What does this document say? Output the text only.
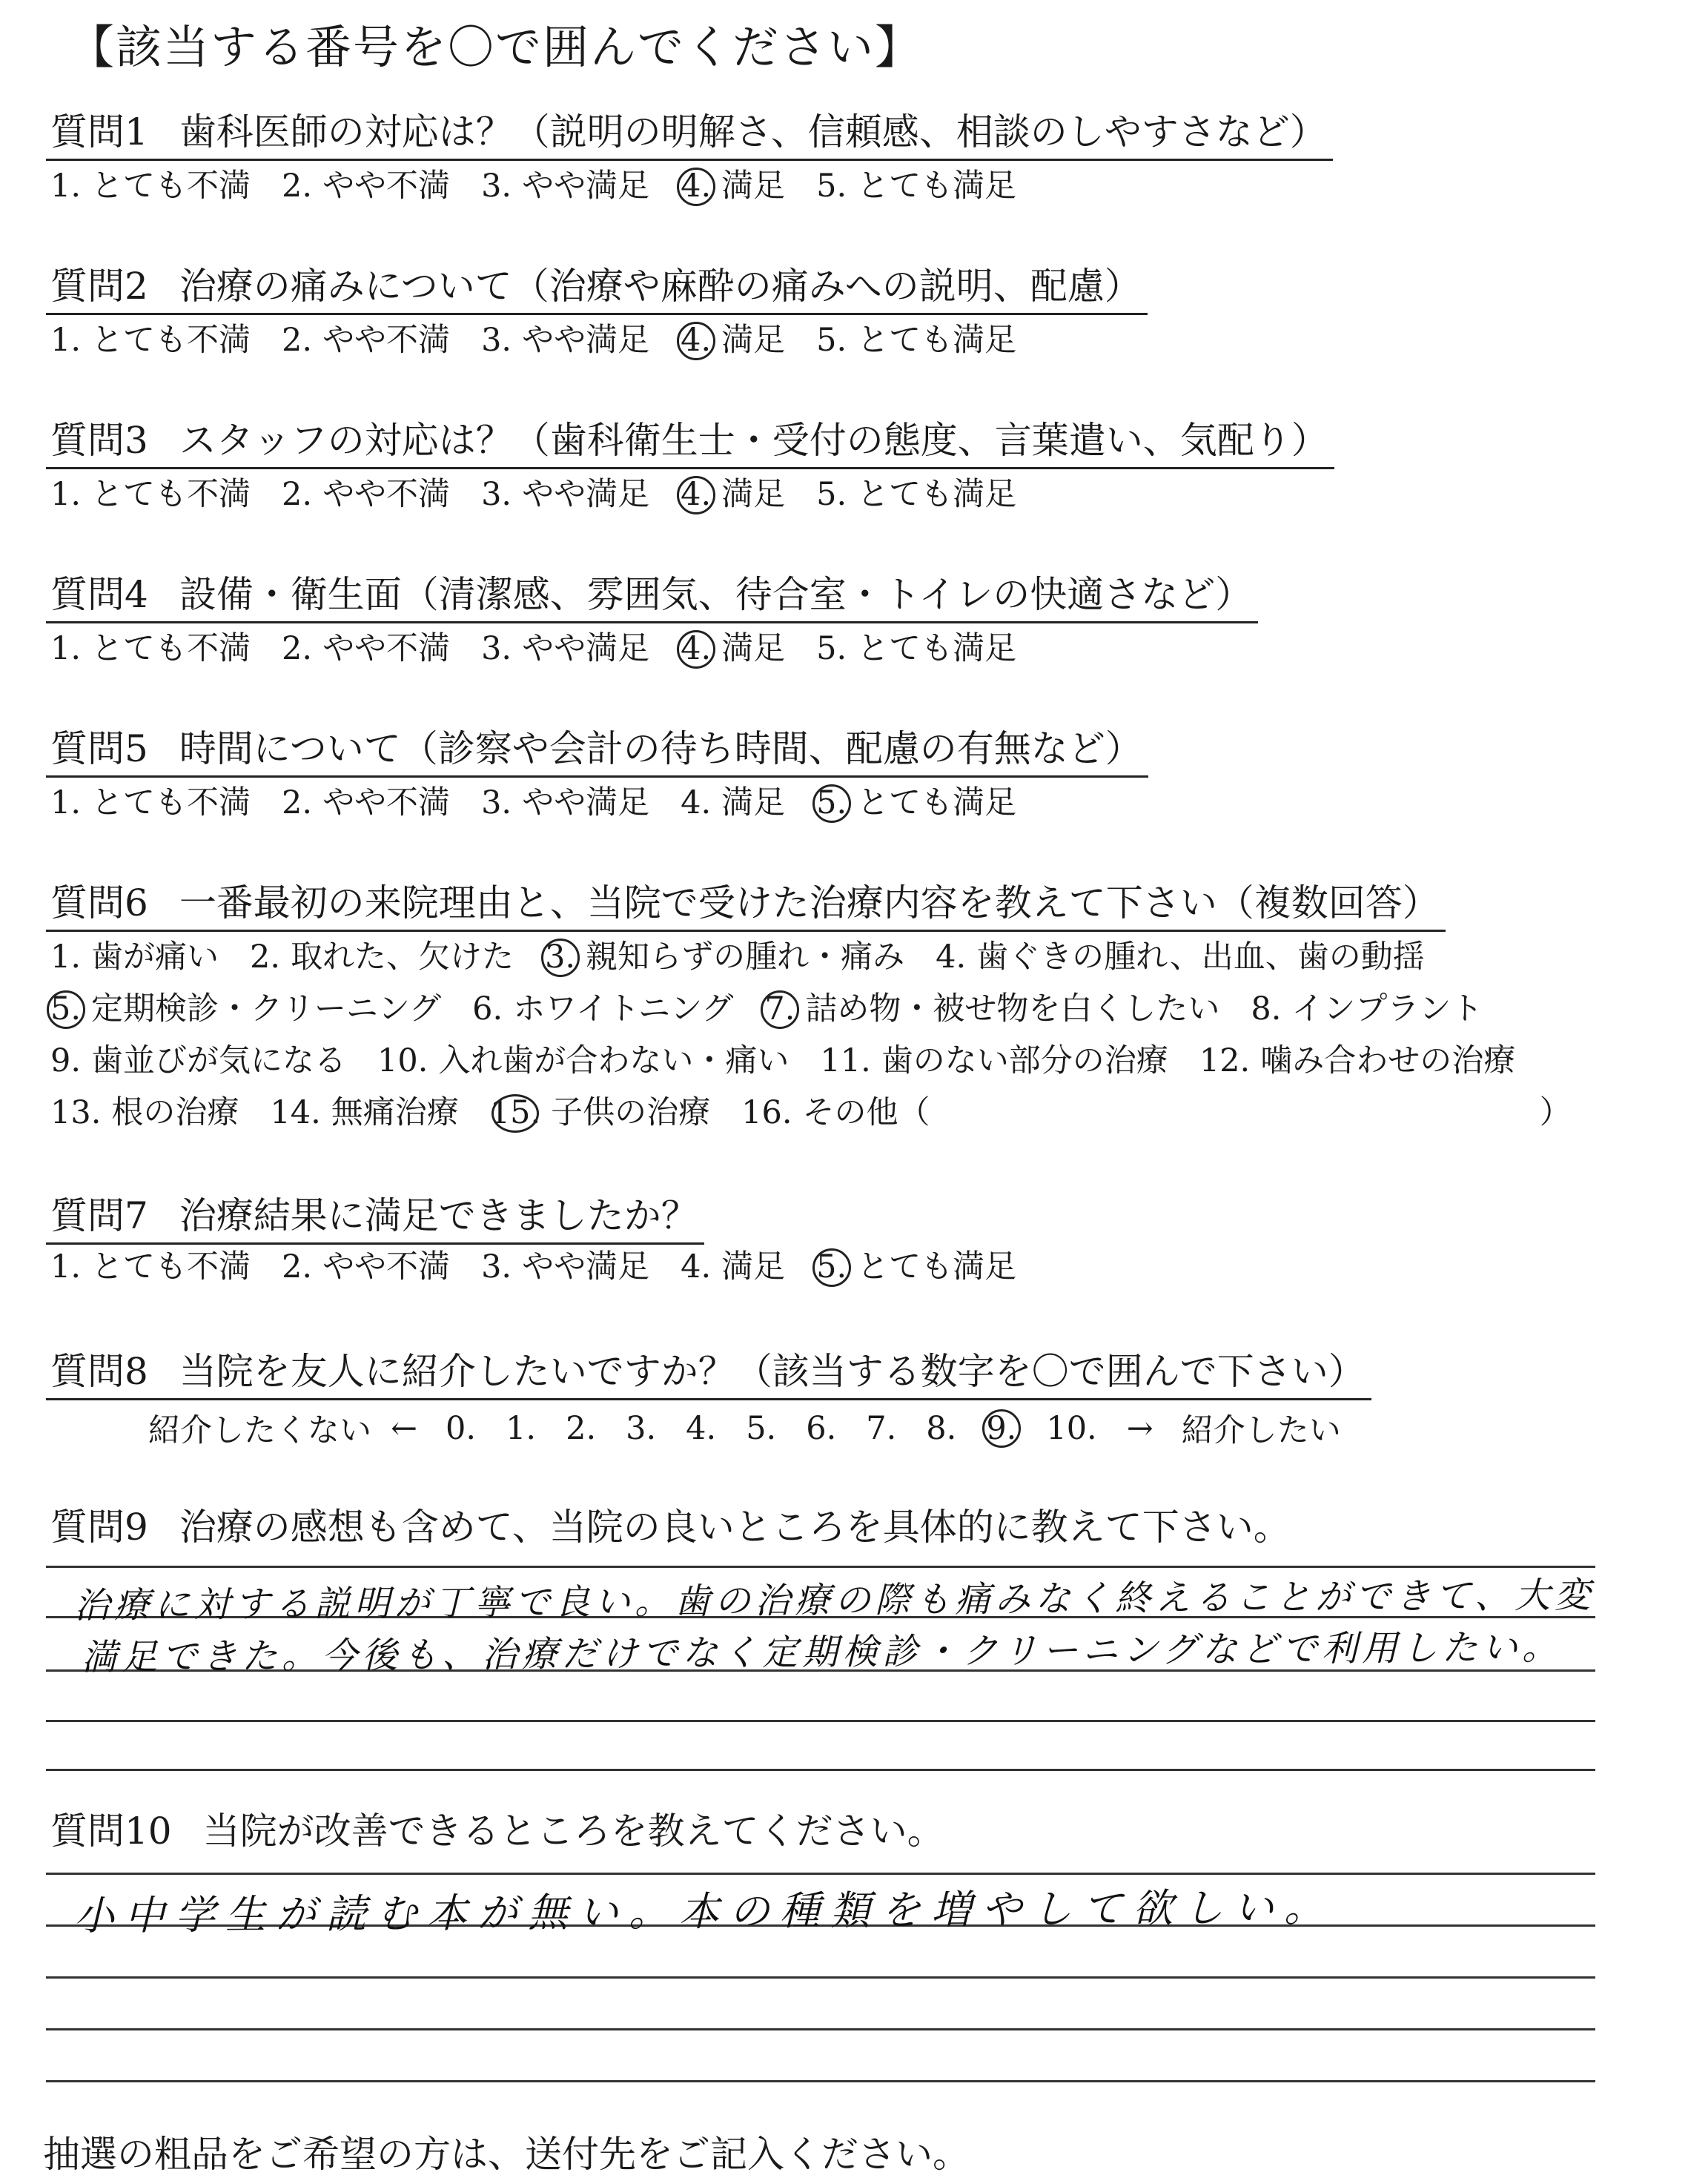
【該当する番号を〇で囲んでください】
質問1 歯科医師の対応は？（説明の明解さ、信頼感、相談のしやすさなど）
1. とても不満 2. やや不満 3. やや満足 4. 満足 5. とても満足
質問2 治療の痛みについて（治療や麻酔の痛みへの説明、配慮）
1. とても不満 2. やや不満 3. やや満足 4. 満足 5. とても満足
質問3 スタッフの対応は？（歯科衛生士・受付の態度、言葉遣い、気配り）
1. とても不満 2. やや不満 3. やや満足 4. 満足 5. とても満足
質問4 設備・衛生面（清潔感、雰囲気、待合室・トイレの快適さなど）
1. とても不満 2. やや不満 3. やや満足 4. 満足 5. とても満足
質問5 時間について（診察や会計の待ち時間、配慮の有無など）
1. とても不満 2. やや不満 3. やや満足 4. 満足 5. とても満足
質問6 一番最初の来院理由と、当院で受けた治療内容を教えて下さい（複数回答）
1. 歯が痛い 2. 取れた、欠けた 3. 親知らずの腫れ・痛み 4. 歯ぐきの腫れ、出血、歯の動揺
5. 定期検診・クリーニング 6. ホワイトニング 7. 詰め物・被せ物を白くしたい 8. インプラント
9. 歯並びが気になる 10. 入れ歯が合わない・痛い 11. 歯のない部分の治療 12. 噛み合わせの治療
13. 根の治療 14. 無痛治療 15. 子供の治療 16. その他（	）
質問7 治療結果に満足できましたか？
1. とても不満 2. やや不満 3. やや満足 4. 満足 5. とても満足
質問8 当院を友人に紹介したいですか？（該当する数字を〇で囲んで下さい）
紹介したくない ← 0. 1. 2. 3. 4. 5. 6. 7. 8. 9. 10. → 紹介したい
質問9 治療の感想も含めて、当院の良いところを具体的に教えて下さい。
質問10 当院が改善できるところを教えてください。
治療に対する説明が丁寧で良い。歯の治療の際も痛みなく終えることができて、大変
満足できた。今後も、治療だけでなく定期検診・クリーニングなどで利用したい。
小中学生が読む本が無い。本の種類を増やして欲しい。
抽選の粗品をご希望の方は、送付先をご記入ください。
